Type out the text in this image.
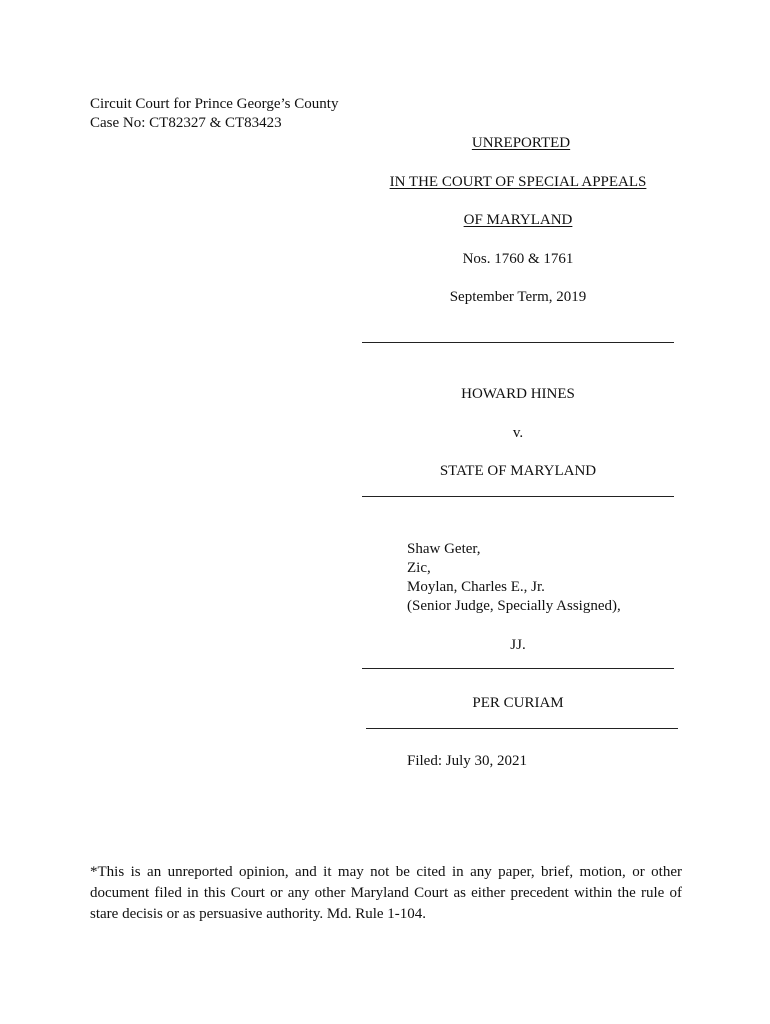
Circuit Court for Prince George’s County
Case No: CT82327 & CT83423
UNREPORTED
IN THE COURT OF SPECIAL APPEALS
OF MARYLAND
Nos. 1760 & 1761
September Term, 2019
HOWARD HINES
v.
STATE OF MARYLAND
Shaw Geter,
Zic,
Moylan, Charles E., Jr.
(Senior Judge, Specially Assigned),
JJ.
PER CURIAM
Filed: July 30, 2021
*This is an unreported opinion, and it may not be cited in any paper, brief, motion, or other document filed in this Court or any other Maryland Court as either precedent within the rule of stare decisis or as persuasive authority. Md. Rule 1-104.
